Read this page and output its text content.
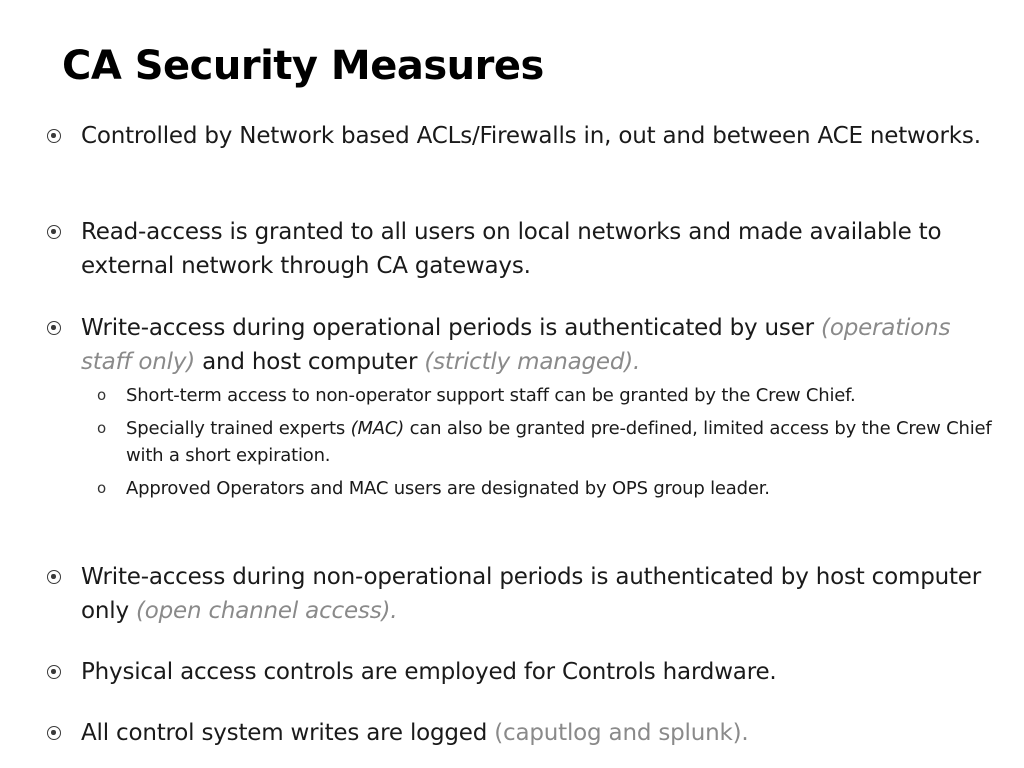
CA Security Measures
Controlled by Network based ACLs/Firewalls in, out and between ACE networks.
Read-access is granted to all users on local networks and made available to external network through CA gateways.
Write-access during operational periods is authenticated by user (operations staff only) and host computer (strictly managed).
o Short-term access to non-operator support staff can be granted by the Crew Chief.
o Specially trained experts (MAC) can also be granted pre-defined, limited access by the Crew Chief with a short expiration.
o Approved Operators and MAC users are designated by OPS group leader.
Write-access during non-operational periods is authenticated by host computer only (open channel access).
Physical access controls are employed for Controls hardware.
All control system writes are logged (caputlog and splunk).
